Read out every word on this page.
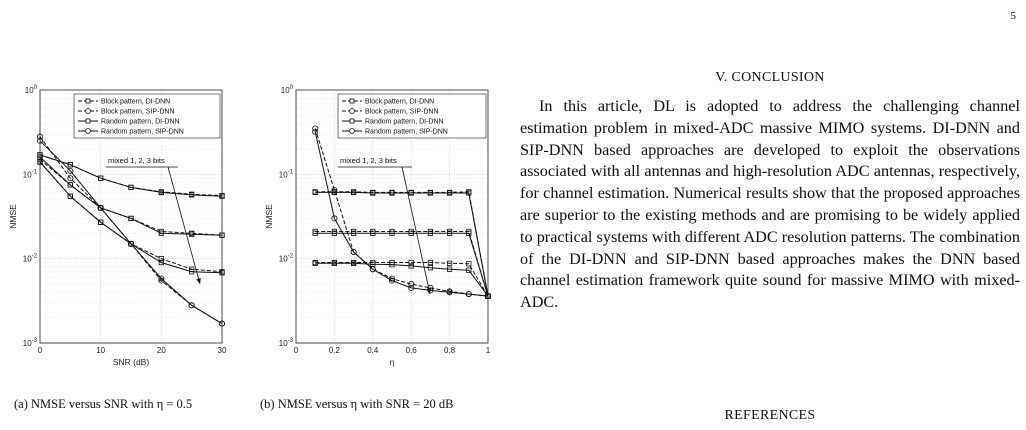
5
$10^0$
$10^{-1}$
$10^{-2}$
$10^{-3}$
0	10	20	30
SNR (dB)
NMSE
Block pattern, DI-DNN
Block pattern, SIP-DNN
Random pattern, DI-DNN
Random pattern, SIP-DNN
mixed 1, 2, 3 bits
$10^0$
$10^{-1}$
$10^{-2}$
$10^{-3}$
0	0.2	0.4	0.6	0.8	1
η
NMSE
Block pattern, DI-DNN
Block pattern, SIP-DNN
Random pattern, DI-DNN
Random pattern, SIP-DNN
mixed 1, 2, 3 bits
(a) NMSE versus SNR with η = 0.5	(b) NMSE versus η with SNR = 20 dB
V. CONCLUSION

In this article, DL is adopted to address the challenging channel estimation problem in mixed-ADC massive MIMO systems. DI-DNN and SIP-DNN based approaches are developed to exploit the observations associated with all antennas and high-resolution ADC antennas, respectively, for channel estimation. Numerical results show that the proposed approaches are superior to the existing methods and are promising to be widely applied to practical systems with different ADC resolution patterns. The combination of the DI-DNN and SIP-DNN based approaches makes the DNN based channel estimation framework quite sound for massive MIMO with mixed-ADC.

REFERENCES
